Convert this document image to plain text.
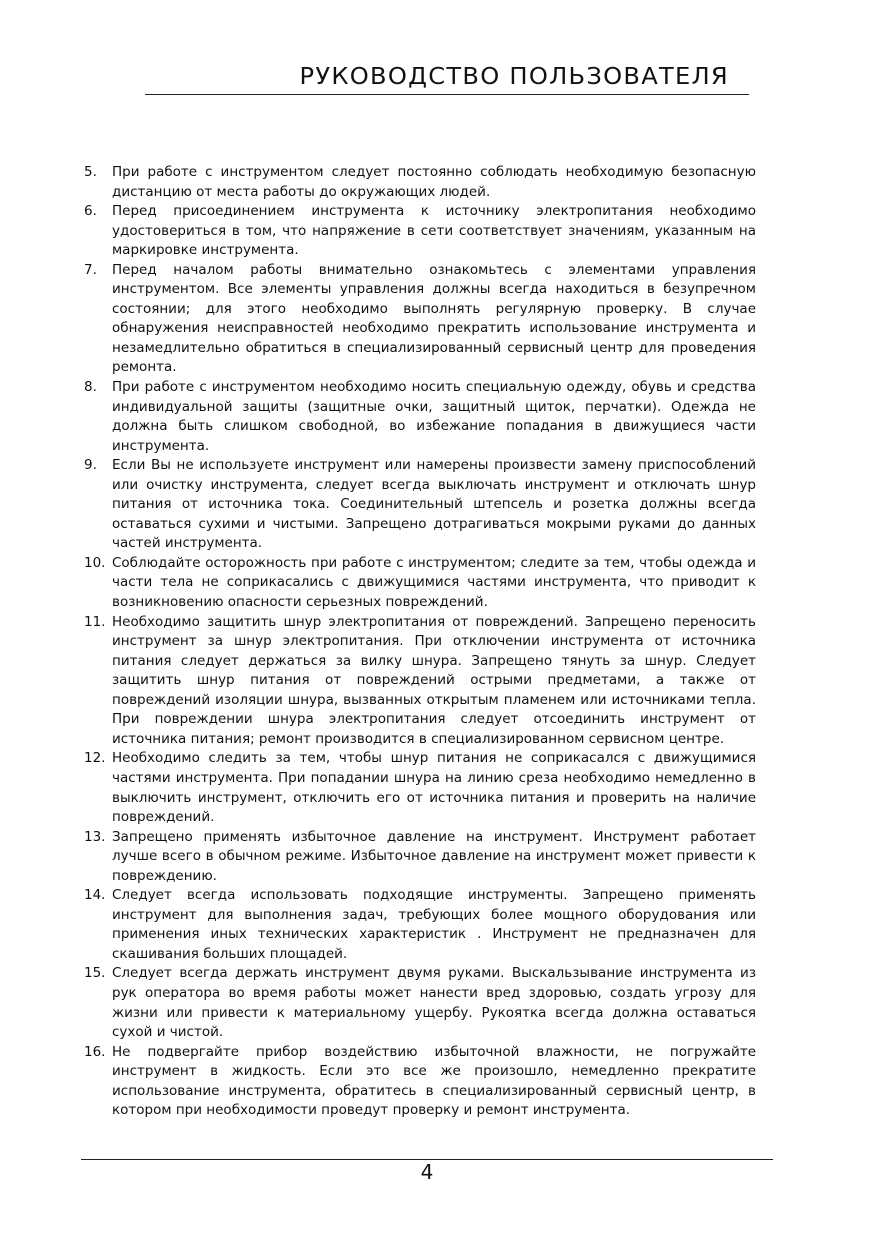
РУКОВОДСТВО ПОЛЬЗОВАТЕЛЯ
5. При работе с инструментом следует постоянно соблюдать необходимую безопасную дистанцию от места работы до окружающих людей.
6. Перед присоединением инструмента к источнику электропитания необходимо удостовериться в том, что напряжение в сети соответствует значениям, указанным на маркировке инструмента.
7. Перед началом работы внимательно ознакомьтесь с элементами управления инструментом. Все элементы управления должны всегда находиться в безупречном состоянии; для этого необходимо выполнять регулярную проверку. В случае обнаружения неисправностей необходимо прекратить использование инструмента и незамедлительно обратиться в специализированный сервисный центр для проведения ремонта.
8. При работе с инструментом необходимо носить специальную одежду, обувь и средства индивидуальной защиты (защитные очки, защитный щиток, перчатки). Одежда не должна быть слишком свободной, во избежание попадания в движущиеся части инструмента.
9. Если Вы не используете инструмент или намерены произвести замену приспособлений или очистку инструмента, следует всегда выключать инструмент и отключать шнур питания от источника тока. Соединительный штепсель и розетка должны всегда оставаться сухими и чистыми. Запрещено дотрагиваться мокрыми руками до данных частей инструмента.
10. Соблюдайте осторожность при работе с инструментом; следите за тем, чтобы одежда и части тела не соприкасались с движущимися частями инструмента, что приводит к возникновению опасности серьезных повреждений.
11. Необходимо защитить шнур электропитания от повреждений. Запрещено переносить инструмент за шнур электропитания. При отключении инструмента от источника питания следует держаться за вилку шнура. Запрещено тянуть за шнур. Следует защитить шнур питания от повреждений острыми предметами, а также от повреждений изоляции шнура, вызванных открытым пламенем или источниками тепла. При повреждении шнура электропитания следует отсоединить инструмент от источника питания; ремонт производится в специализированном сервисном центре.
12. Необходимо следить за тем, чтобы шнур питания не соприкасался с движущимися частями инструмента. При попадании шнура на линию среза необходимо немедленно в выключить инструмент, отключить его от источника питания и проверить на наличие повреждений.
13. Запрещено применять избыточное давление на инструмент. Инструмент работает лучше всего в обычном режиме. Избыточное давление на инструмент может привести к повреждению.
14. Следует всегда использовать подходящие инструменты. Запрещено применять инструмент для выполнения задач, требующих более мощного оборудования или применения иных технических характеристик . Инструмент не предназначен для скашивания больших площадей.
15. Следует всегда держать инструмент двумя руками. Выскальзывание инструмента из рук оператора во время работы может нанести вред здоровью, создать угрозу для жизни или привести к материальному ущербу. Рукоятка всегда должна оставаться сухой и чистой.
16. Не подвергайте прибор воздействию избыточной влажности, не погружайте инструмент в жидкость. Если это все же произошло, немедленно прекратите использование инструмента, обратитесь в специализированный сервисный центр, в котором при необходимости проведут проверку и ремонт инструмента.
4
